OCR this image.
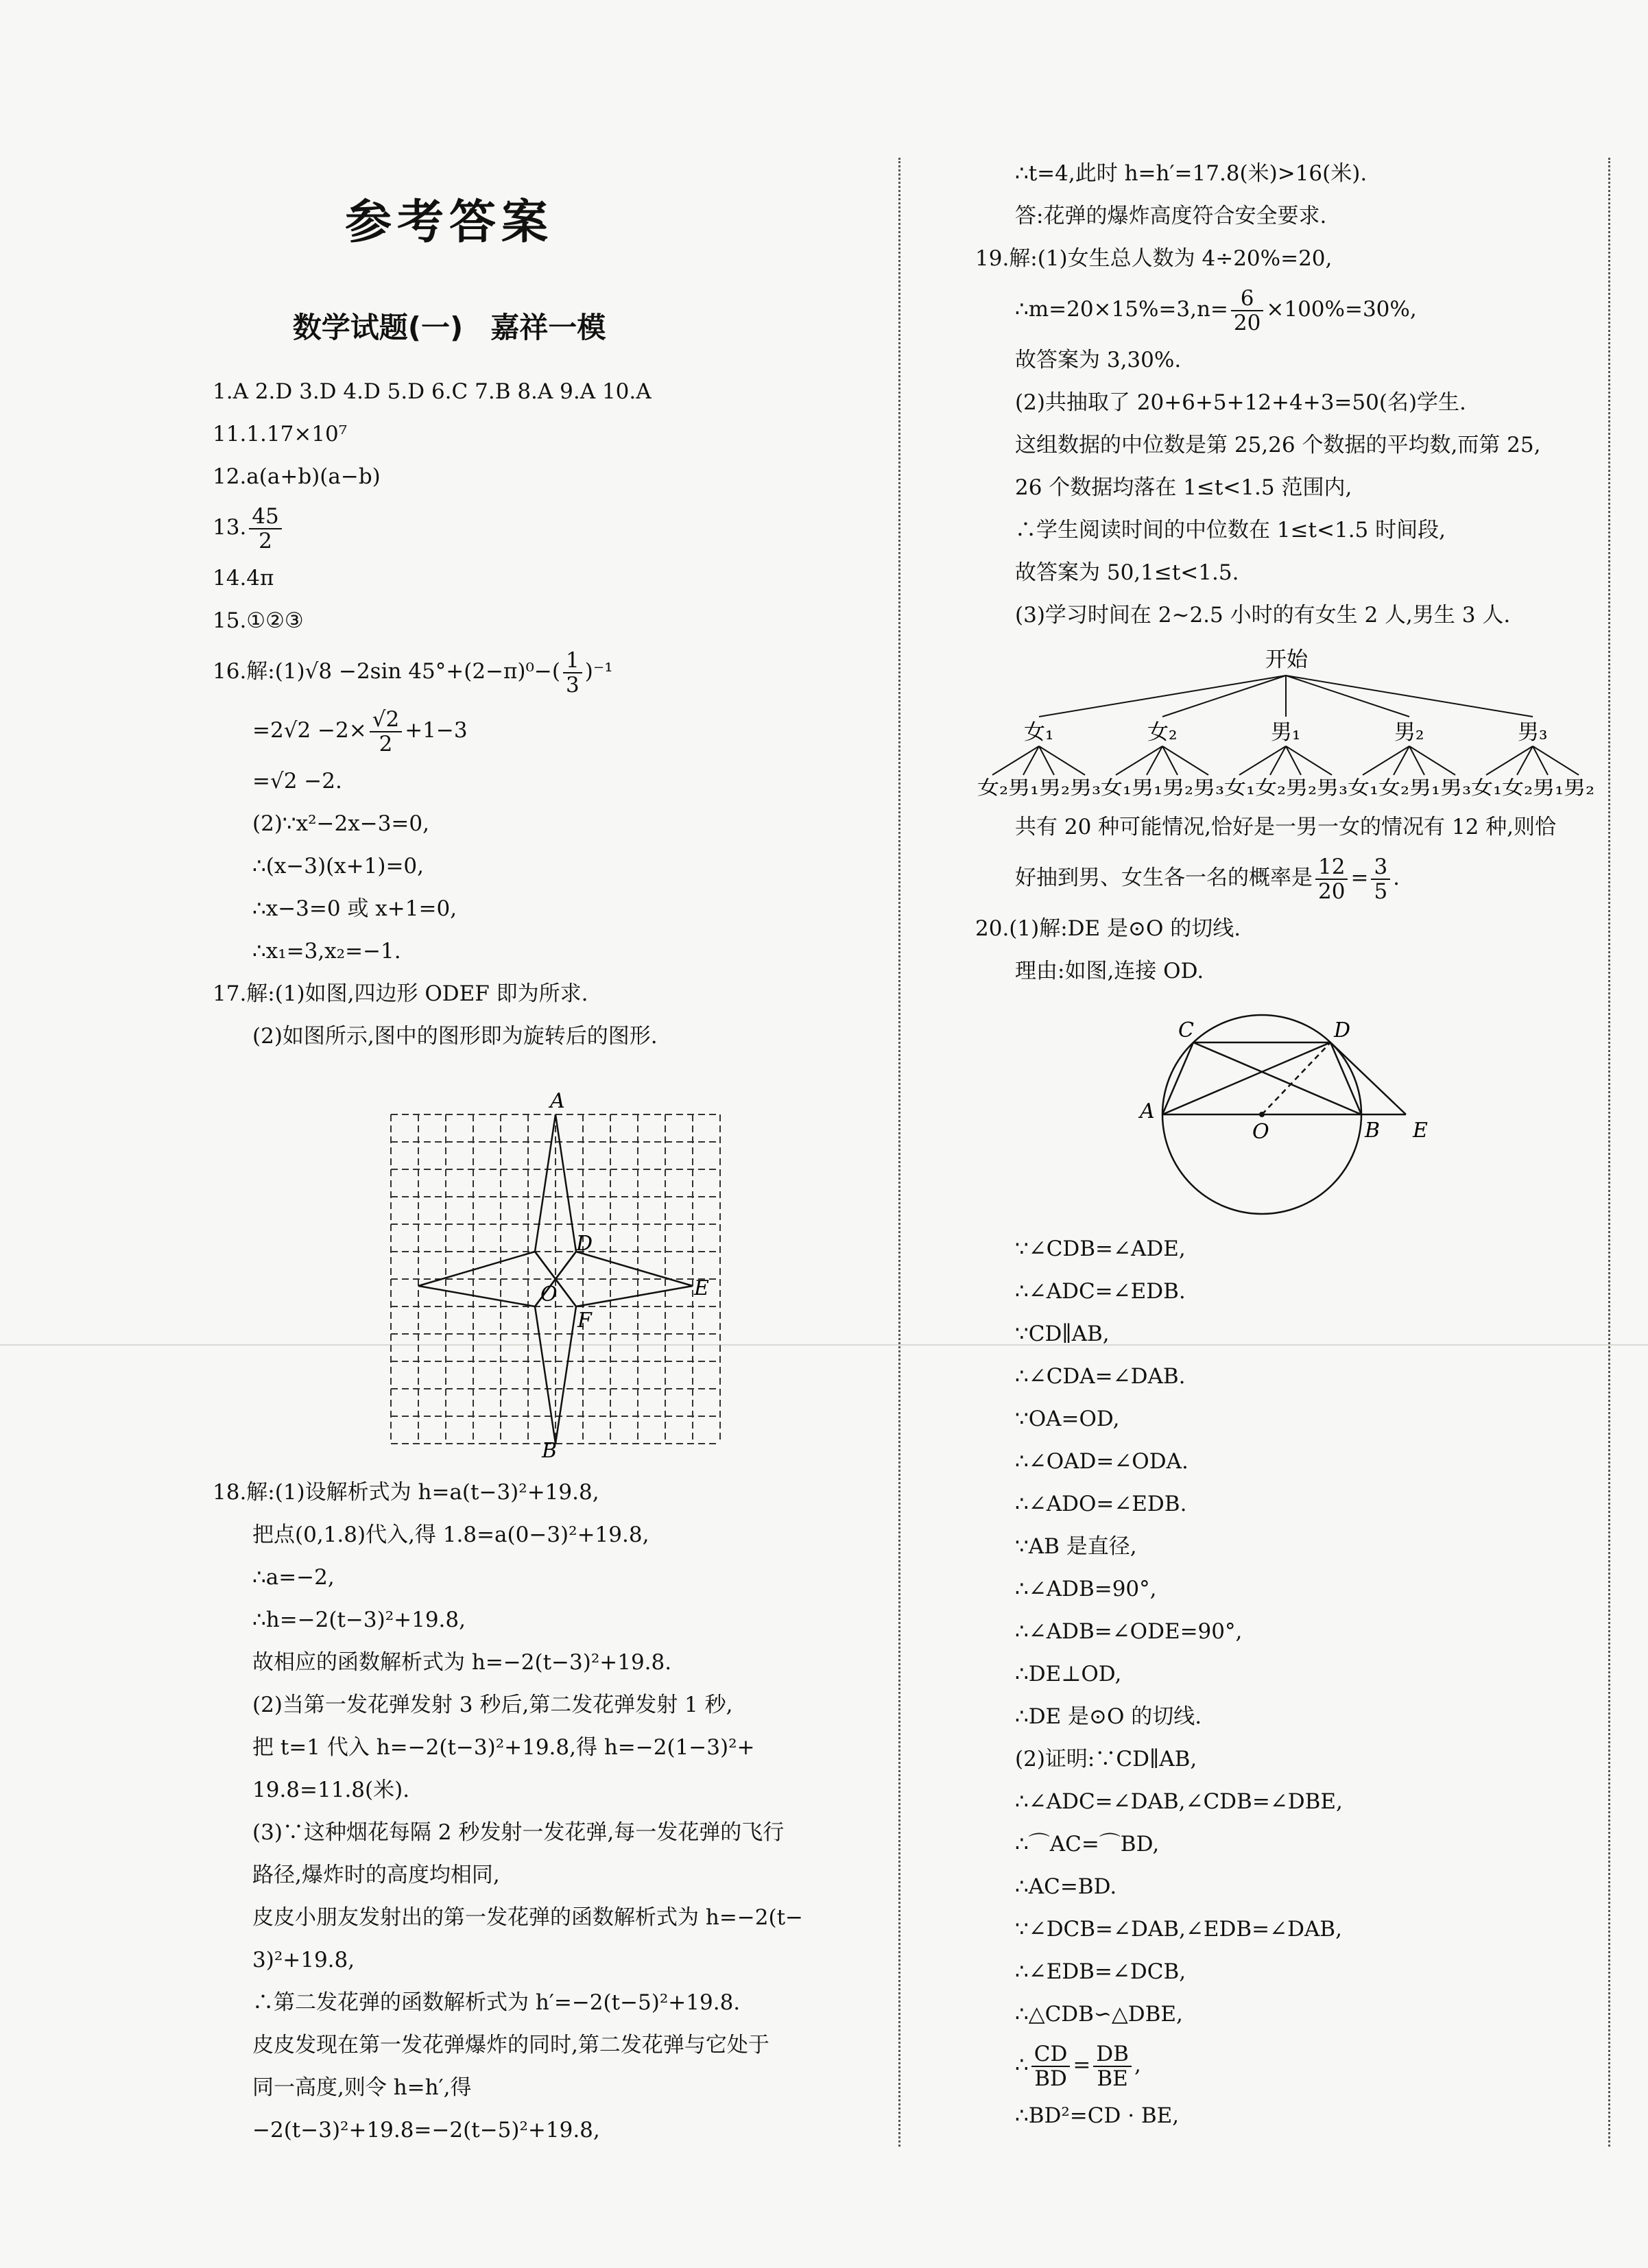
参考答案
数学试题(一) 嘉祥一模
1.A 2.D 3.D 4.D 5.D 6.C 7.B 8.A 9.A 10.A
11.1.17×10⁷
12.a(a+b)(a−b)
13. $\frac{45}{2}$
14.4π
15.①②③
16.解:(1)√8 −2sin $45^\circ+(2-\pi)^0-( \frac{1}{3} )^{-1}$
$=2√2 -2\times \frac{√2}{2} +1-3$
=√2 −2.
(2)∵x²−2x−3=0,
∴(x−3)(x+1)=0,
∴x−3=0 或 x+1=0,
∴x₁=3,x₂=−1.
17.解:(1)如图,四边形 ODEF 即为所求.
(2)如图所示,图中的图形即为旋转后的图形.
A
B
D
E
F
O
18.解:(1)设解析式为 h=a(t−3)²+19.8,
把点(0,1.8)代入,得 1.8=a(0−3)²+19.8,
∴a=−2,
∴h=−2(t−3)²+19.8,
故相应的函数解析式为 h=−2(t−3)²+19.8.
(2)当第一发花弹发射 3 秒后,第二发花弹发射 1 秒,
把 t=1 代入 h=−2(t−3)²+19.8,得 h=−2(1−3)²+
19.8=11.8(米).
(3)∵这种烟花每隔 2 秒发射一发花弹,每一发花弹的飞行
路径,爆炸时的高度均相同,
皮皮小朋友发射出的第一发花弹的函数解析式为 h=−2(t−
3)²+19.8,
∴第二发花弹的函数解析式为 h′=−2(t−5)²+19.8.
皮皮发现在第一发花弹爆炸的同时,第二发花弹与它处于
同一高度,则令 h=h′,得
−2(t−3)²+19.8=−2(t−5)²+19.8,
∴t=4,此时 h=h′=17.8(米)>16(米).
答:花弹的爆炸高度符合安全要求.
19.解:(1)女生总人数为 4÷20%=20,
∴m=20×15%=3,n= $\frac{6}{20} \times 100\%=30\%$,
故答案为 3,30%.
(2)共抽取了 20+6+5+12+4+3=50(名)学生.
这组数据的中位数是第 25,26 个数据的平均数,而第 25,
26 个数据均落在 1≤t<1.5 范围内,
∴学生阅读时间的中位数在 1≤t<1.5 时间段,
故答案为 50,1≤t<1.5.
(3)学习时间在 2~2.5 小时的有女生 2 人,男生 3 人.
开始
女₁	女₂	男₁	男₂	男₃
女₂男₁男₂男₃女₁男₁男₂男₃女₁女₂男₂男₃女₁女₂男₁男₃女₁女₂男₁男₂
共有 20 种可能情况,恰好是一男一女的情况有 12 种,则恰
好抽到男、女生各一名的概率是 $\frac{12}{20} = \frac{3}{5}$ .
20.(1)解:DE 是⊙O 的切线.
理由:如图,连接 OD.
C	D
A
O	B E
∵∠CDB=∠ADE,
∴∠ADC=∠EDB.
∵CD∥AB,
∴∠CDA=∠DAB.
∵OA=OD,
∴∠OAD=∠ODA.
∴∠ADO=∠EDB.
∵AB 是直径,
∴∠ADB=90°,
∴∠ADB=∠ODE=90°,
∴DE⊥OD,
∴DE 是⊙O 的切线.
(2)证明:∵CD∥AB,
∴∠ADC=∠DAB,∠CDB=∠DBE,
∴⌒AC=⌒BD,
∴AC=BD.
∵∠DCB=∠DAB,∠EDB=∠DAB,
∴∠EDB=∠DCB,
∴△CDB∽△DBE,
∴ $\frac{CD}{BD} = \frac{DB}{BE}$ ,
∴BD²=CD · BE,
